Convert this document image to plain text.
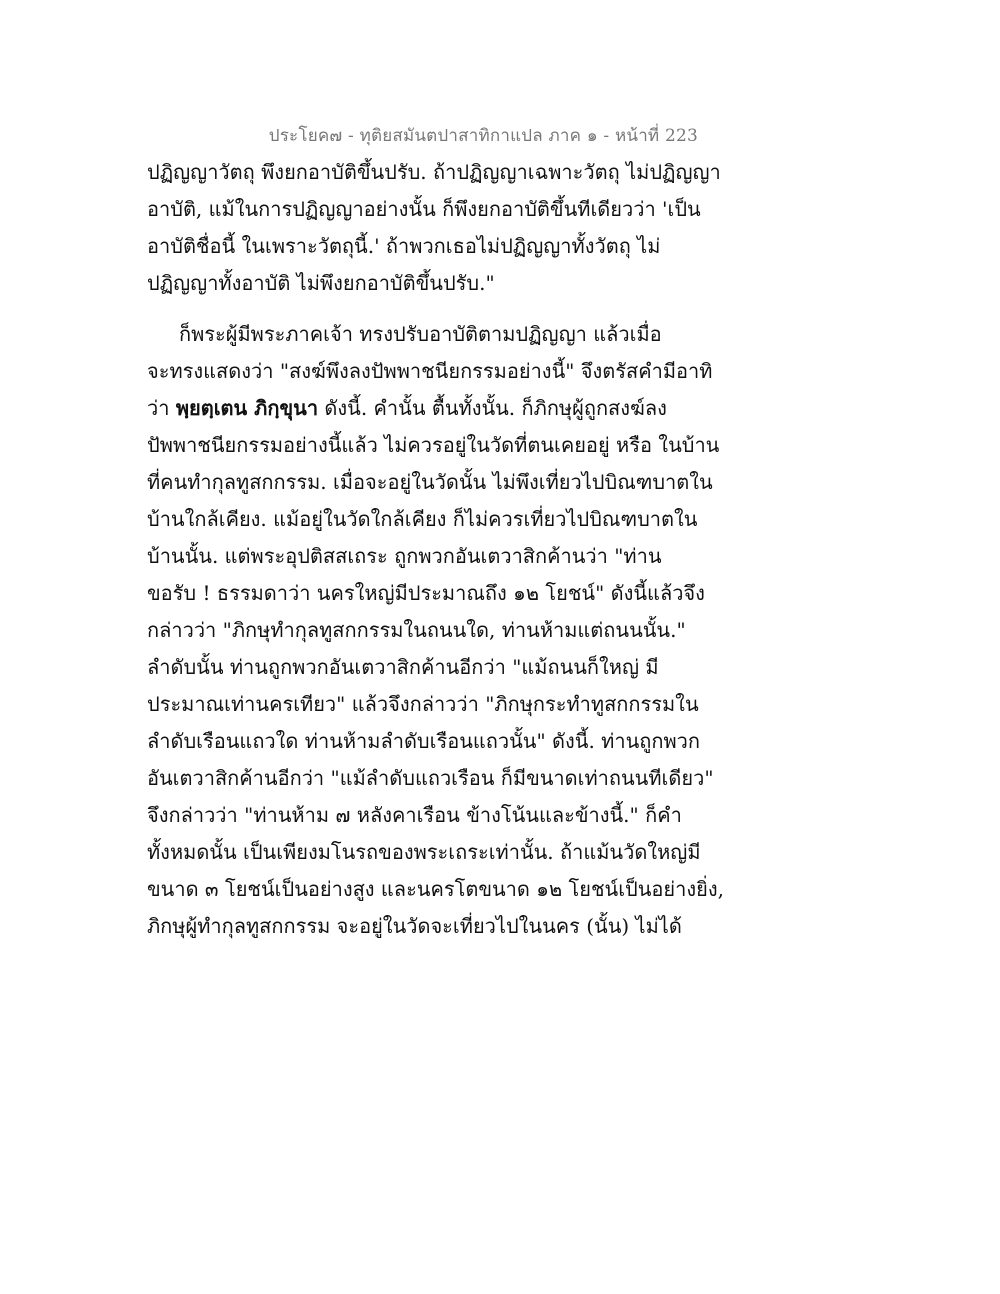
ประโยค๗ - ทุติยสมันตปาสาทิกาแปล ภาค ๑ - หน้าที่ 223
ปฏิญญาวัตถุ พึงยกอาบัติขึ้นปรับ. ถ้าปฏิญญาเฉพาะวัตถุ ไม่ปฏิญญา
อาบัติ, แม้ในการปฏิญญาอย่างนั้น ก็พึงยกอาบัติขึ้นทีเดียวว่า 'เป็น
อาบัติชื่อนี้ ในเพราะวัตถุนี้.' ถ้าพวกเธอไม่ปฏิญญาทั้งวัตถุ ไม่
ปฏิญญาทั้งอาบัติ ไม่พึงยกอาบัติขึ้นปรับ."
ก็พระผู้มีพระภาคเจ้า ทรงปรับอาบัติตามปฏิญญา แล้วเมื่อ
จะทรงแสดงว่า "สงฆ์พึงลงปัพพาชนียกรรมอย่างนี้" จึงตรัสคำมีอาทิ
ว่า พฺยตฺเตน ภิกฺขุนา ดังนี้. คำนั้น ตื้นทั้งนั้น. ก็ภิกษุผู้ถูกสงฆ์ลง
ปัพพาชนียกรรมอย่างนี้แล้ว ไม่ควรอยู่ในวัดที่ตนเคยอยู่ หรือ ในบ้าน
ที่คนทำกุลทูสกกรรม. เมื่อจะอยู่ในวัดนั้น ไม่พึงเที่ยวไปบิณฑบาตใน
บ้านใกล้เคียง. แม้อยู่ในวัดใกล้เคียง ก็ไม่ควรเที่ยวไปบิณฑบาตใน
บ้านนั้น. แต่พระอุปติสสเถระ ถูกพวกอันเตวาสิกค้านว่า "ท่าน
ขอรับ ! ธรรมดาว่า นครใหญ่มีประมาณถึง ๑๒ โยชน์" ดังนี้แล้วจึง
กล่าวว่า "ภิกษุทำกุลทูสกกรรมในถนนใด, ท่านห้ามแต่ถนนนั้น."
ลำดับนั้น ท่านถูกพวกอันเตวาสิกค้านอีกว่า "แม้ถนนก็ใหญ่ มี
ประมาณเท่านครเทียว" แล้วจึงกล่าวว่า "ภิกษุกระทำทูสกกรรมใน
ลำดับเรือนแถวใด ท่านห้ามลำดับเรือนแถวนั้น" ดังนี้. ท่านถูกพวก
อันเตวาสิกค้านอีกว่า "แม้ลำดับแถวเรือน ก็มีขนาดเท่าถนนทีเดียว"
จึงกล่าวว่า "ท่านห้าม ๗ หลังคาเรือน ข้างโน้นและข้างนี้." ก็คำ
ทั้งหมดนั้น เป็นเพียงมโนรถของพระเถระเท่านั้น. ถ้าแม้นวัดใหญ่มี
ขนาด ๓ โยชน์เป็นอย่างสูง และนครโตขนาด ๑๒ โยชน์เป็นอย่างยิ่ง,
ภิกษุผู้ทำกุลทูสกกรรม จะอยู่ในวัดจะเที่ยวไปในนคร (นั้น) ไม่ได้
